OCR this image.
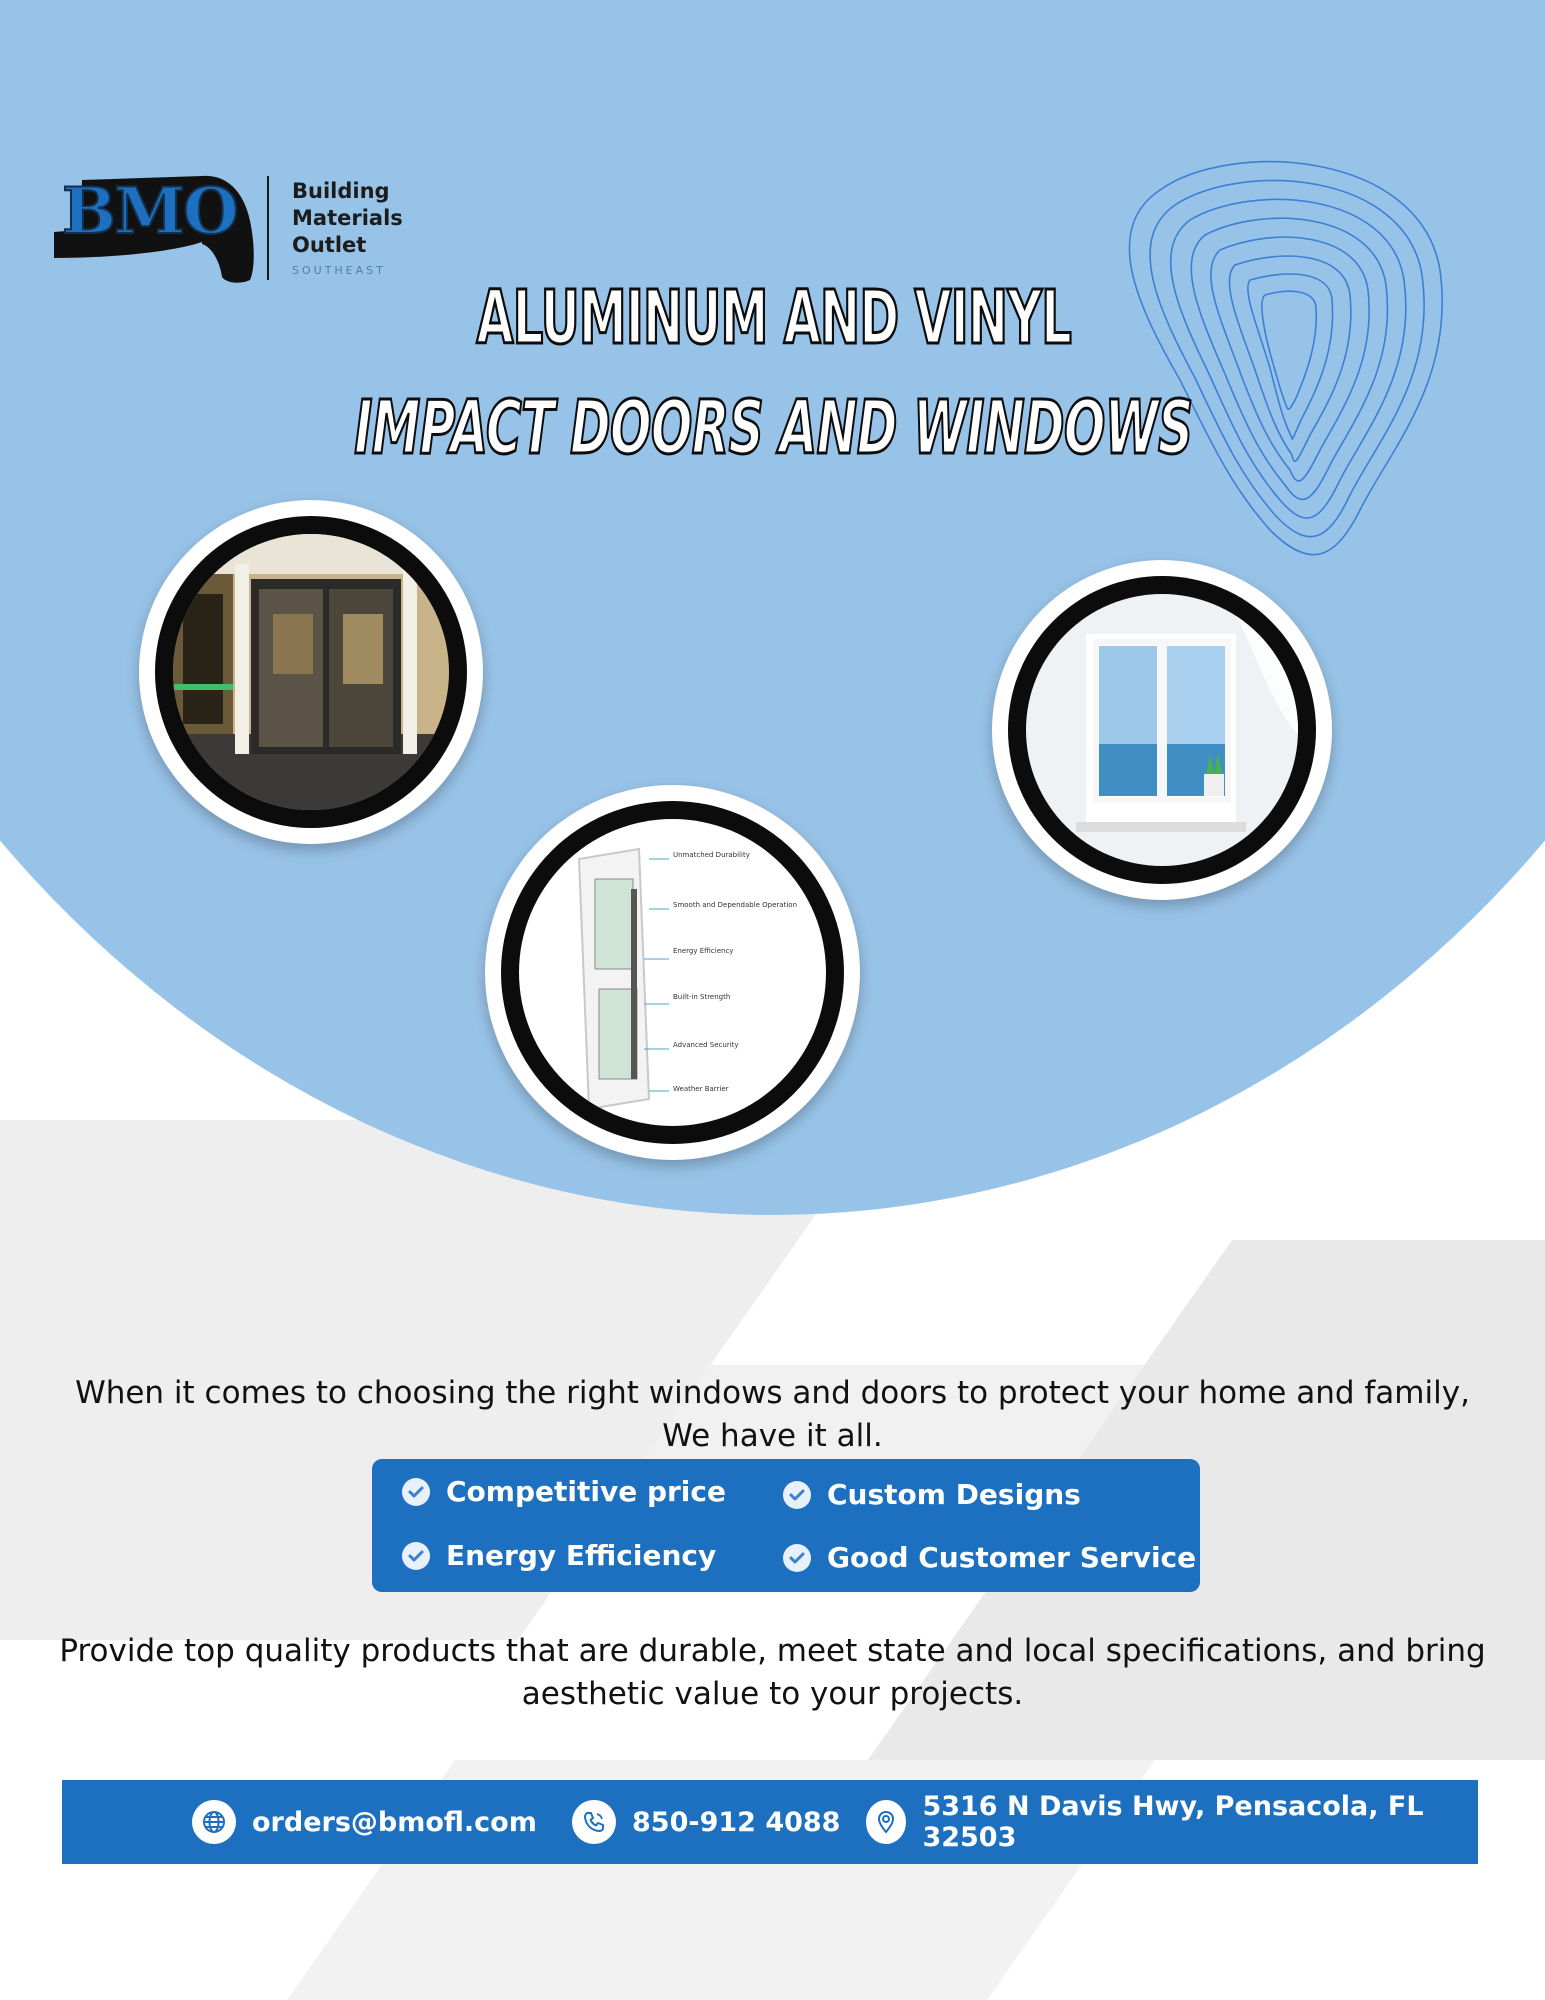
BMO	Building
Materials
Outlet
SOUTHEAST
ALUMINUM AND VINYL
IMPACT DOORS AND WINDOWS
Unmatched Durability
Smooth and Dependable Operation
Energy Efficiency
Built-in Strength
Advanced Security
Weather Barrier
When it comes to choosing the right windows and doors to protect your home and family,
We have it all.
Competitive price	Custom Designs
Energy Efficiency	Good Customer Service
Provide top quality products that are durable, meet state and local specifications, and bring
aesthetic value to your projects.
orders@bmofl.com	850-912 4088	5316 N Davis Hwy, Pensacola, FL 32503
